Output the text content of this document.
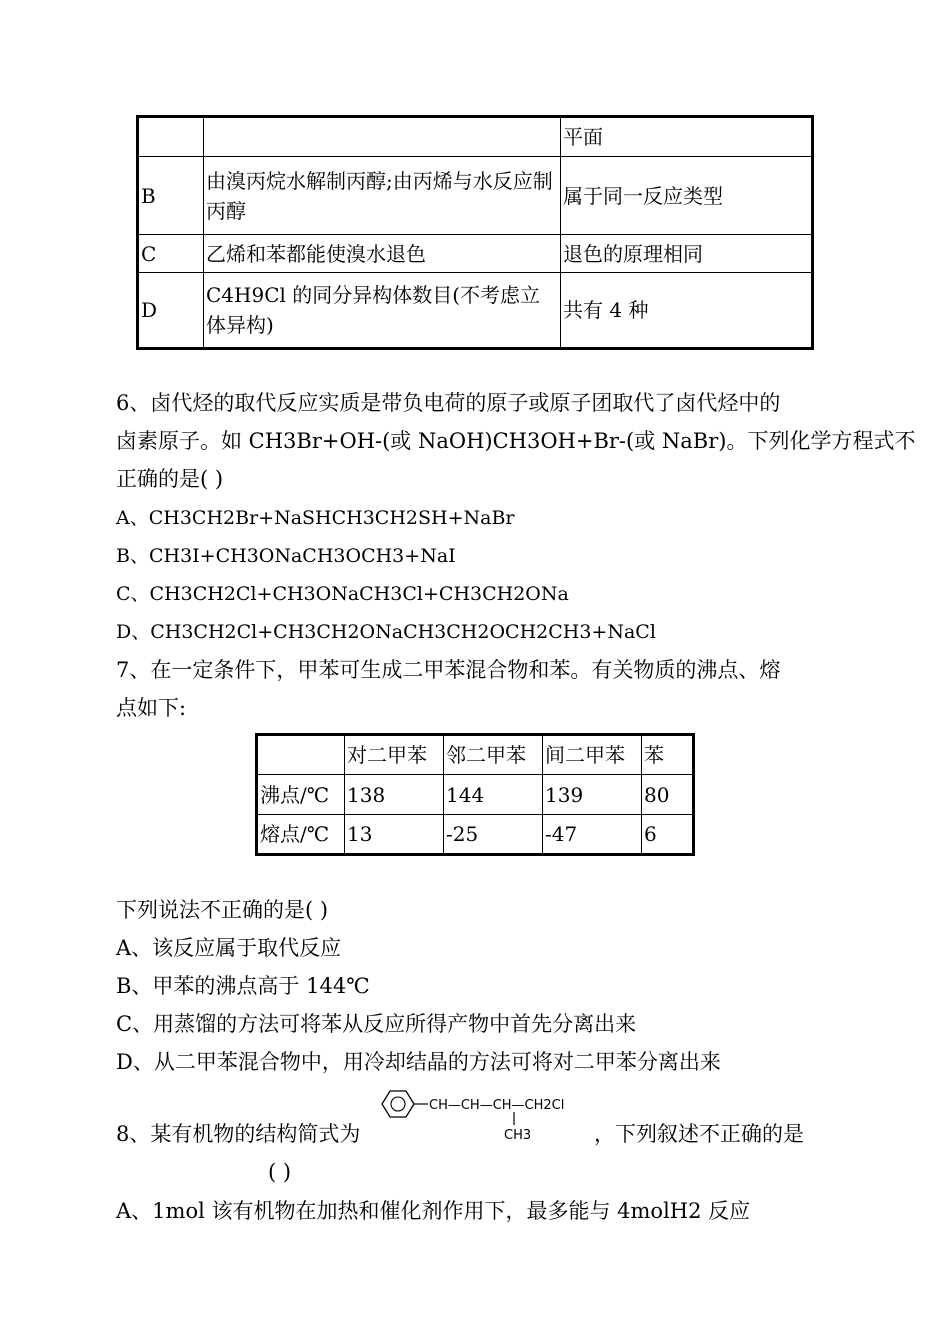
		平面
B	由溴丙烷水解制丙醇;由丙烯与水反应制丙醇	属于同一反应类型
C	乙烯和苯都能使溴水退色	退色的原理相同
D	C4H9Cl 的同分异构体数目(不考虑立体异构)	共有 4 种
6、卤代烃的取代反应实质是带负电荷的原子或原子团取代了卤代烃中的
卤素原子。如 CH3Br+OH-(或 NaOH)CH3OH+Br-(或 NaBr)。下列化学方程式不
正确的是( )
A、CH3CH2Br+NaSHCH3CH2SH+NaBr
B、CH3I+CH3ONaCH3OCH3+NaI
C、CH3CH2Cl+CH3ONaCH3Cl+CH3CH2ONa
D、CH3CH2Cl+CH3CH2ONaCH3CH2OCH2CH3+NaCl
7、在一定条件下，甲苯可生成二甲苯混合物和苯。有关物质的沸点、熔
点如下:
	对二甲苯	邻二甲苯	间二甲苯	苯
沸点/℃	138	144	139	80
熔点/℃	13	-25	-47	6
下列说法不正确的是( )
A、该反应属于取代反应
B、甲苯的沸点高于 144℃
C、用蒸馏的方法可将苯从反应所得产物中首先分离出来
D、从二甲苯混合物中，用冷却结晶的方法可将对二甲苯分离出来
8、某有机物的结构简式为
CH—CH—CH—CH2Cl
CH3	，下列叙述不正确的是
( )
A、1mol 该有机物在加热和催化剂作用下，最多能与 4molH2 反应
